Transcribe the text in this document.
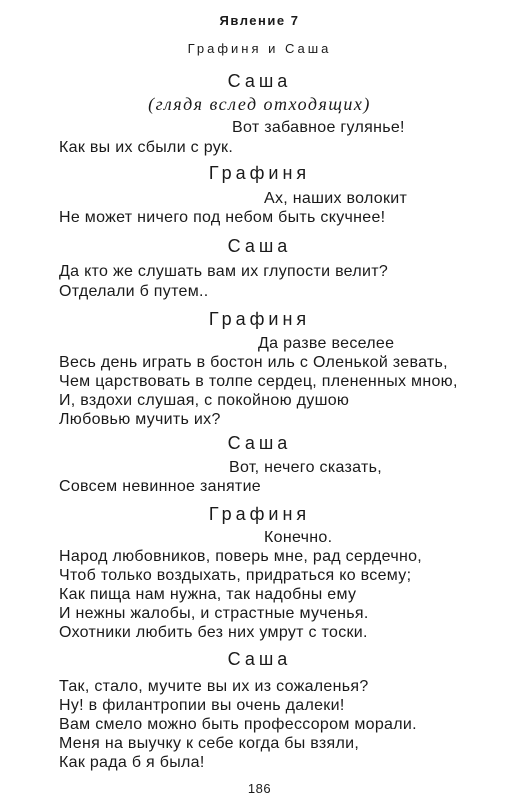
Явление 7
Графиня и Саша
Саша
(глядя вслед отходящих)
Вот забавное гулянье!
Как вы их сбыли с рук.
Графиня
Ах, наших волокит
Не может ничего под небом быть скучнее!
Саша
Да кто же слушать вам их глупости велит?
Отделали б путем..
Графиня
Да разве веселее
Весь день играть в бостон иль с Оленькой зевать,
Чем царствовать в толпе сердец, плененных мною,
И, вздохи слушая, с покойною душою
Любовью мучить их?
Саша
Вот, нечего сказать,
Совсем невинное занятие
Графиня
Конечно.
Народ любовников, поверь мне, рад сердечно,
Чтоб только воздыхать, придраться ко всему;
Как пища нам нужна, так надобны ему
И нежны жалобы, и страстные мученья.
Охотники любить без них умрут с тоски.
Саша
Так, стало, мучите вы их из сожаленья?
Ну! в филантропии вы очень далеки!
Вам смело можно быть профессором морали.
Меня на выучку к себе когда бы взяли,
Как рада б я была!
186
